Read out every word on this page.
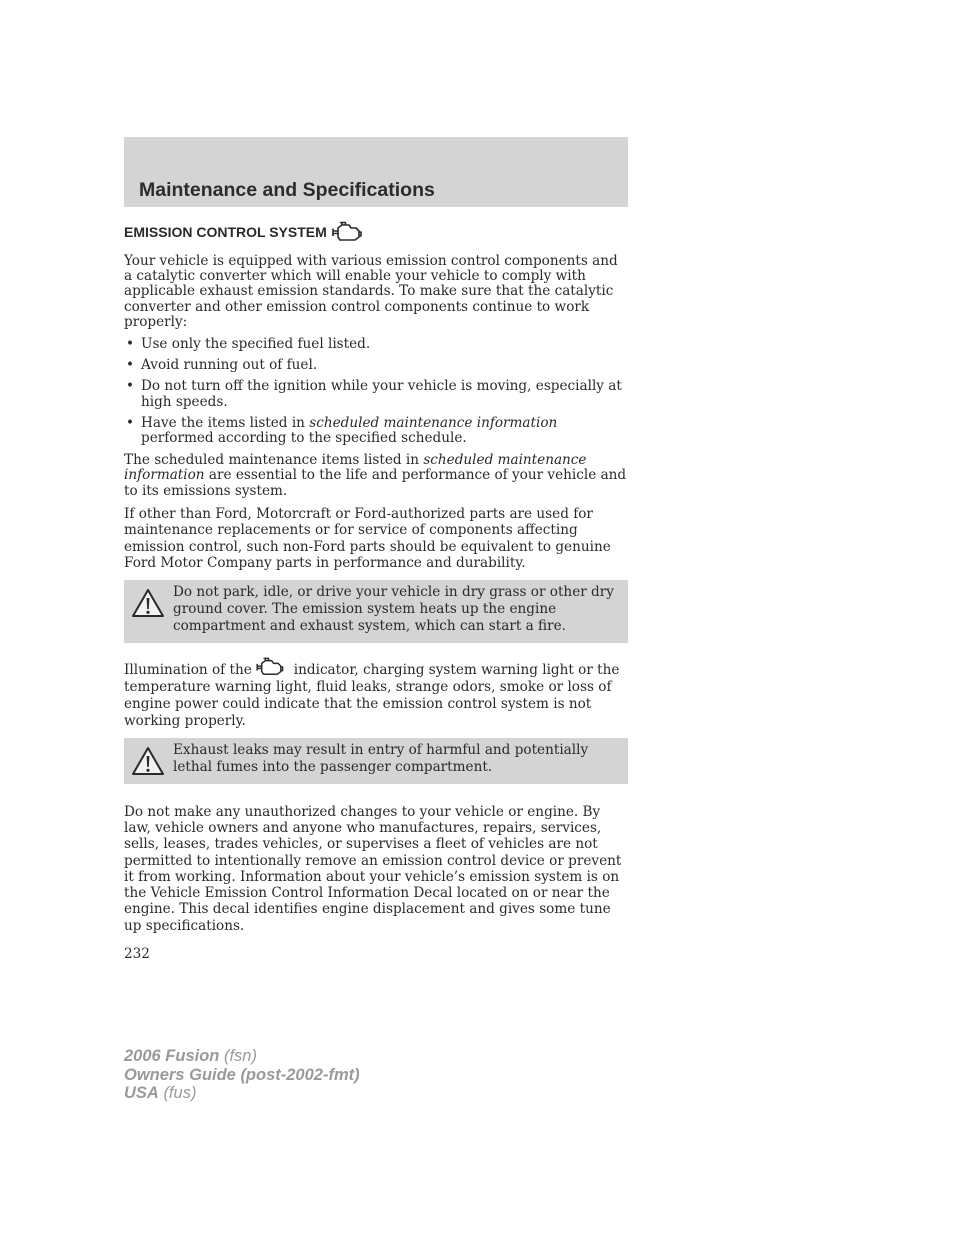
Maintenance and Specifications
EMISSION CONTROL SYSTEM

Your vehicle is equipped with various emission control components and a catalytic converter which will enable your vehicle to comply with applicable exhaust emission standards. To make sure that the catalytic converter and other emission control components continue to work properly:

• Use only the specified fuel listed.
• Avoid running out of fuel.
• Do not turn off the ignition while your vehicle is moving, especially at high speeds.
• Have the items listed in scheduled maintenance information performed according to the specified schedule.

The scheduled maintenance items listed in scheduled maintenance information are essential to the life and performance of your vehicle and to its emissions system.

If other than Ford, Motorcraft or Ford-authorized parts are used for maintenance replacements or for service of components affecting emission control, such non-Ford parts should be equivalent to genuine Ford Motor Company parts in performance and durability.

Do not park, idle, or drive your vehicle in dry grass or other dry ground cover. The emission system heats up the engine compartment and exhaust system, which can start a fire.

Illumination of the	indicator, charging system warning light or the temperature warning light, fluid leaks, strange odors, smoke or loss of engine power could indicate that the emission control system is not working properly.

Exhaust leaks may result in entry of harmful and potentially lethal fumes into the passenger compartment.

Do not make any unauthorized changes to your vehicle or engine. By law, vehicle owners and anyone who manufactures, repairs, services, sells, leases, trades vehicles, or supervises a fleet of vehicles are not permitted to intentionally remove an emission control device or prevent it from working. Information about your vehicle’s emission system is on the Vehicle Emission Control Information Decal located on or near the engine. This decal identifies engine displacement and gives some tune up specifications.

232
2006 Fusion (fsn)
Owners Guide (post-2002-fmt)
USA (fus)
